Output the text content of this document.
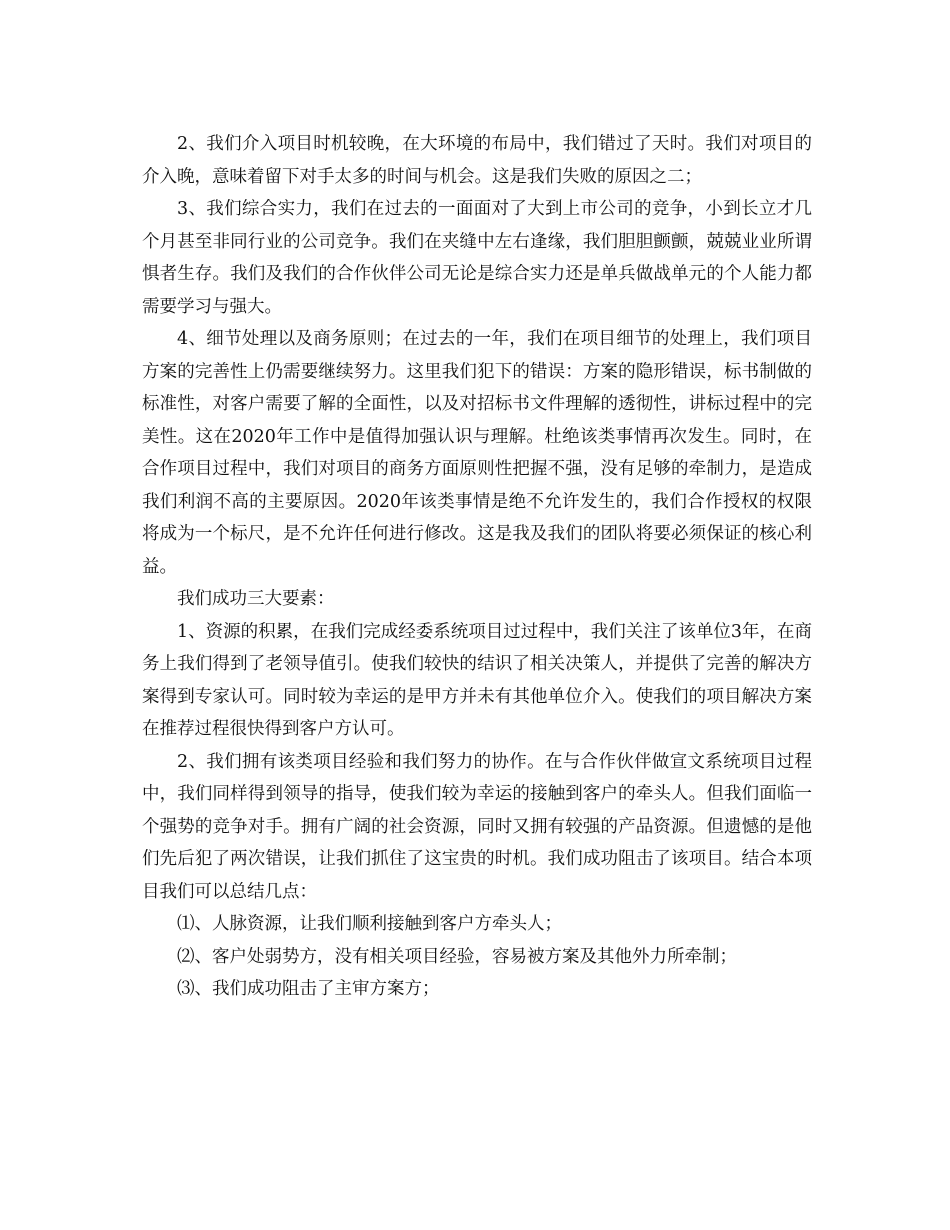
2、我们介入项目时机较晚，在大环境的布局中，我们错过了天时。我们对项目的介入晚，意味着留下对手太多的时间与机会。这是我们失败的原因之二；

3、我们综合实力，我们在过去的一面面对了大到上市公司的竞争，小到长立才几个月甚至非同行业的公司竞争。我们在夹缝中左右逢缘，我们胆胆颤颤，兢兢业业所谓惧者生存。我们及我们的合作伙伴公司无论是综合实力还是单兵做战单元的个人能力都需要学习与强大。

4、细节处理以及商务原则；在过去的一年，我们在项目细节的处理上，我们项目方案的完善性上仍需要继续努力。这里我们犯下的错误：方案的隐形错误，标书制做的标准性，对客户需要了解的全面性，以及对招标书文件理解的透彻性，讲标过程中的完美性。这在2020年工作中是值得加强认识与理解。杜绝该类事情再次发生。同时，在合作项目过程中，我们对项目的商务方面原则性把握不强，没有足够的牵制力，是造成我们利润不高的主要原因。2020年该类事情是绝不允许发生的，我们合作授权的权限将成为一个标尺，是不允许任何进行修改。这是我及我们的团队将要必须保证的核心利益。

我们成功三大要素：

1、资源的积累，在我们完成经委系统项目过过程中，我们关注了该单位3年，在商务上我们得到了老领导值引。使我们较快的结识了相关决策人，并提供了完善的解决方案得到专家认可。同时较为幸运的是甲方并未有其他单位介入。使我们的项目解决方案在推荐过程很快得到客户方认可。

2、我们拥有该类项目经验和我们努力的协作。在与合作伙伴做宣文系统项目过程中，我们同样得到领导的指导，使我们较为幸运的接触到客户的牵头人。但我们面临一个强势的竞争对手。拥有广阔的社会资源，同时又拥有较强的产品资源。但遗憾的是他们先后犯了两次错误，让我们抓住了这宝贵的时机。我们成功阻击了该项目。结合本项目我们可以总结几点：

⑴、人脉资源，让我们顺利接触到客户方牵头人；

⑵、客户处弱势方，没有相关项目经验，容易被方案及其他外力所牵制；

⑶、我们成功阻击了主审方案方；
